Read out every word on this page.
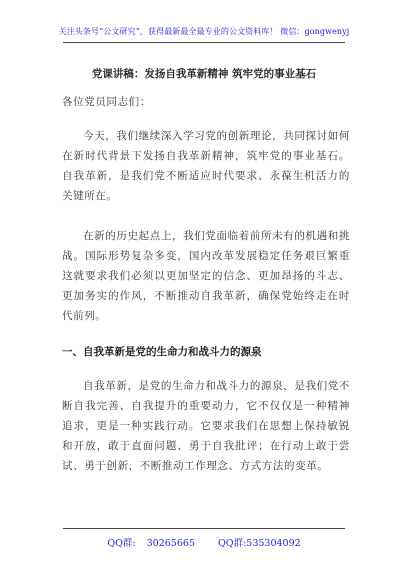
关注头条号“公文研究”，获得最新最全最专业的公文资料库！ 微信：gongwenyj
党课讲稿：发扬自我革新精神 筑牢党的事业基石

各位党员同志们：

今天，我们继续深入学习党的创新理论，共同探讨如何在新时代背景下发扬自我革新精神，筑牢党的事业基石。自我革新，是我们党不断适应时代要求、永葆生机活力的关键所在。

在新的历史起点上，我们党面临着前所未有的机遇和挑战。国际形势复杂多变，国内改革发展稳定任务艰巨繁重这就要求我们必须以更加坚定的信念、更加昂扬的斗志、更加务实的作风，不断推动自我革新，确保党始终走在时代前列。

一、自我革新是党的生命力和战斗力的源泉

自我革新，是党的生命力和战斗力的源泉，是我们党不断自我完善、自我提升的重要动力，它不仅仅是一种精神追求，更是一种实践行动。它要求我们在思想上保持敏锐和开放，敢于直面问题、勇于自我批评；在行动上敢于尝试、勇于创新，不断推动工作理念、方式方法的变革。

QQ群: 30265665 QQ群:535304092
